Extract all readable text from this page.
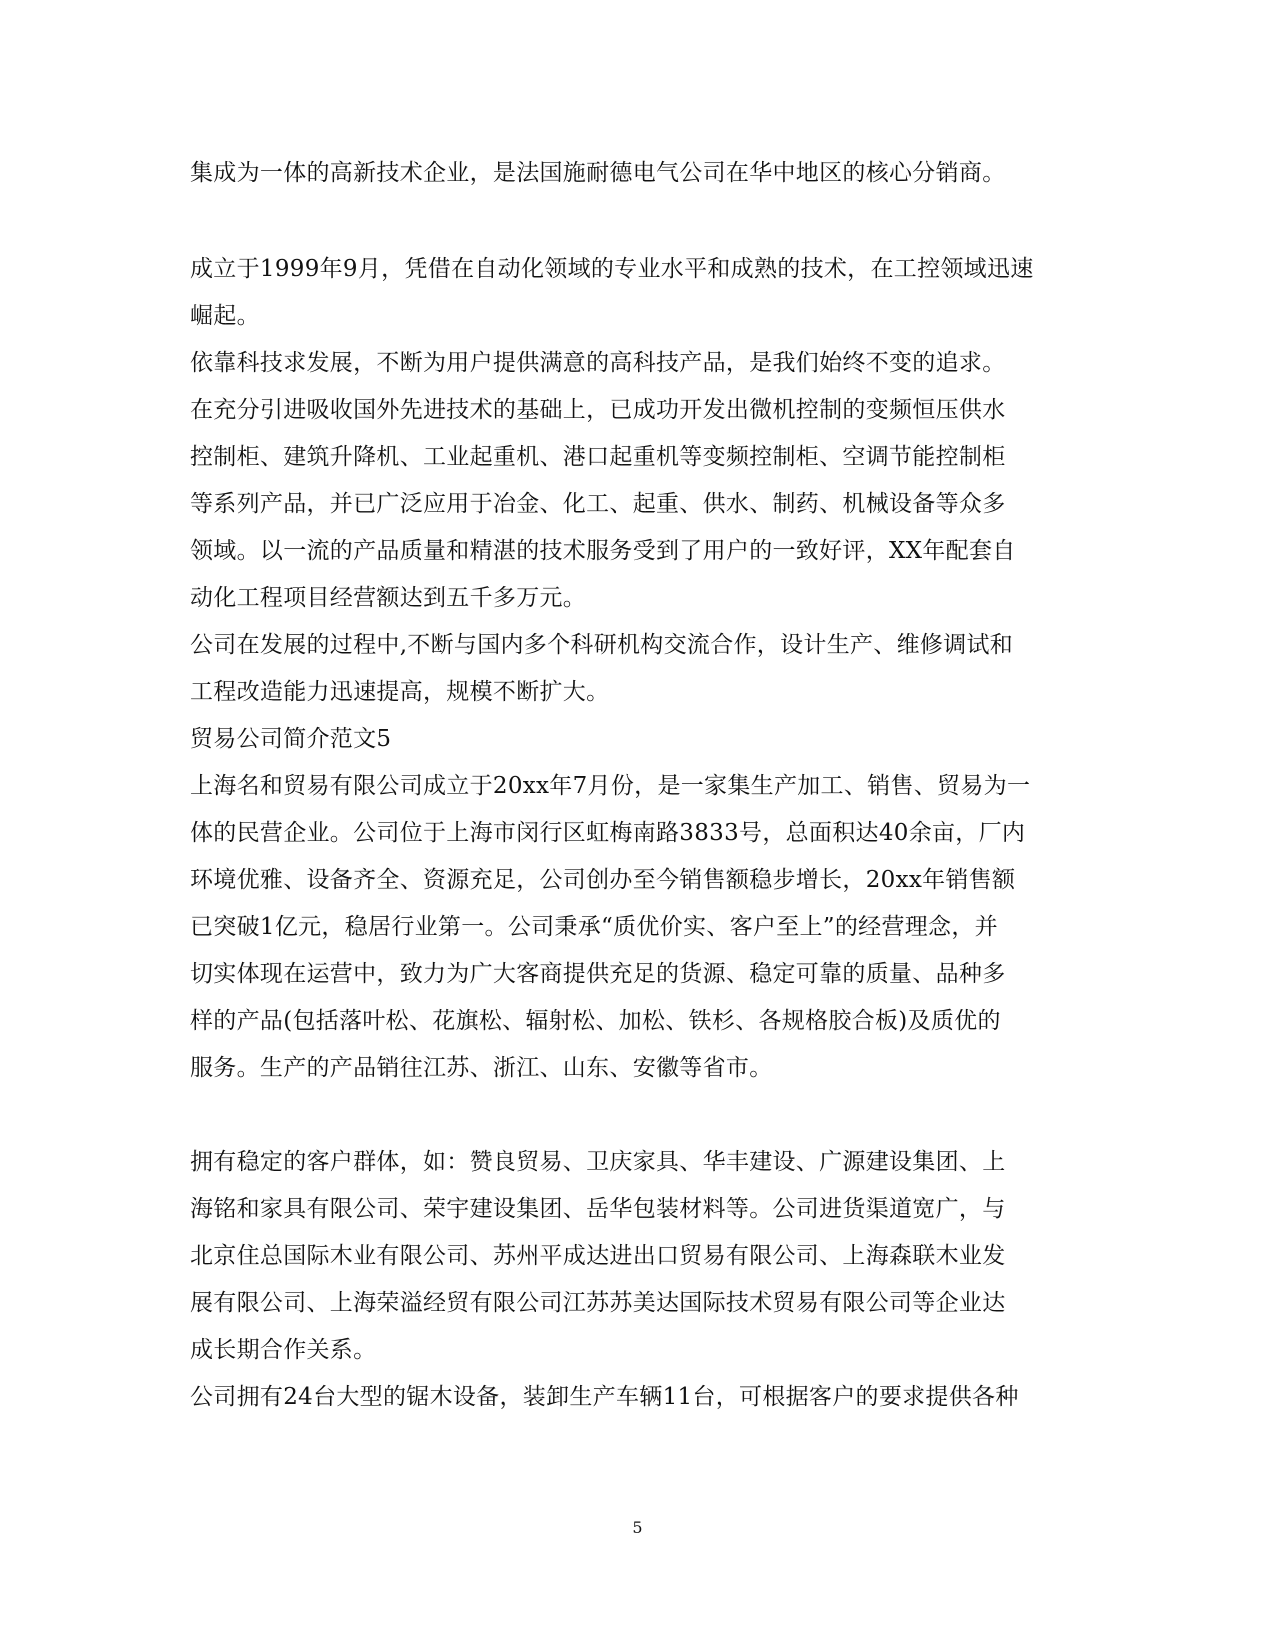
集成为一体的高新技术企业，是法国施耐德电气公司在华中地区的核心分销商。
成立于1999年9月，凭借在自动化领域的专业水平和成熟的技术，在工控领域迅速
崛起。
依靠科技求发展，不断为用户提供满意的高科技产品，是我们始终不变的追求。
在充分引进吸收国外先进技术的基础上，已成功开发出微机控制的变频恒压供水
控制柜、建筑升降机、工业起重机、港口起重机等变频控制柜、空调节能控制柜
等系列产品，并已广泛应用于冶金、化工、起重、供水、制药、机械设备等众多
领域。以一流的产品质量和精湛的技术服务受到了用户的一致好评，XX年配套自
动化工程项目经营额达到五千多万元。
公司在发展的过程中,不断与国内多个科研机构交流合作，设计生产、维修调试和
工程改造能力迅速提高，规模不断扩大。
贸易公司简介范文5
上海名和贸易有限公司成立于20xx年7月份，是一家集生产加工、销售、贸易为一
体的民营企业。公司位于上海市闵行区虹梅南路3833号，总面积达40余亩，厂内
环境优雅、设备齐全、资源充足，公司创办至今销售额稳步增长，20xx年销售额
已突破1亿元，稳居行业第一。公司秉承“质优价实、客户至上”的经营理念，并
切实体现在运营中，致力为广大客商提供充足的货源、稳定可靠的质量、品种多
样的产品(包括落叶松、花旗松、辐射松、加松、铁杉、各规格胶合板)及质优的
服务。生产的产品销往江苏、浙江、山东、安徽等省市。
拥有稳定的客户群体，如：赞良贸易、卫庆家具、华丰建设、广源建设集团、上
海铭和家具有限公司、荣宇建设集团、岳华包装材料等。公司进货渠道宽广，与
北京住总国际木业有限公司、苏州平成达进出口贸易有限公司、上海森联木业发
展有限公司、上海荣溢经贸有限公司江苏苏美达国际技术贸易有限公司等企业达
成长期合作关系。
公司拥有24台大型的锯木设备，装卸生产车辆11台，可根据客户的要求提供各种
5
